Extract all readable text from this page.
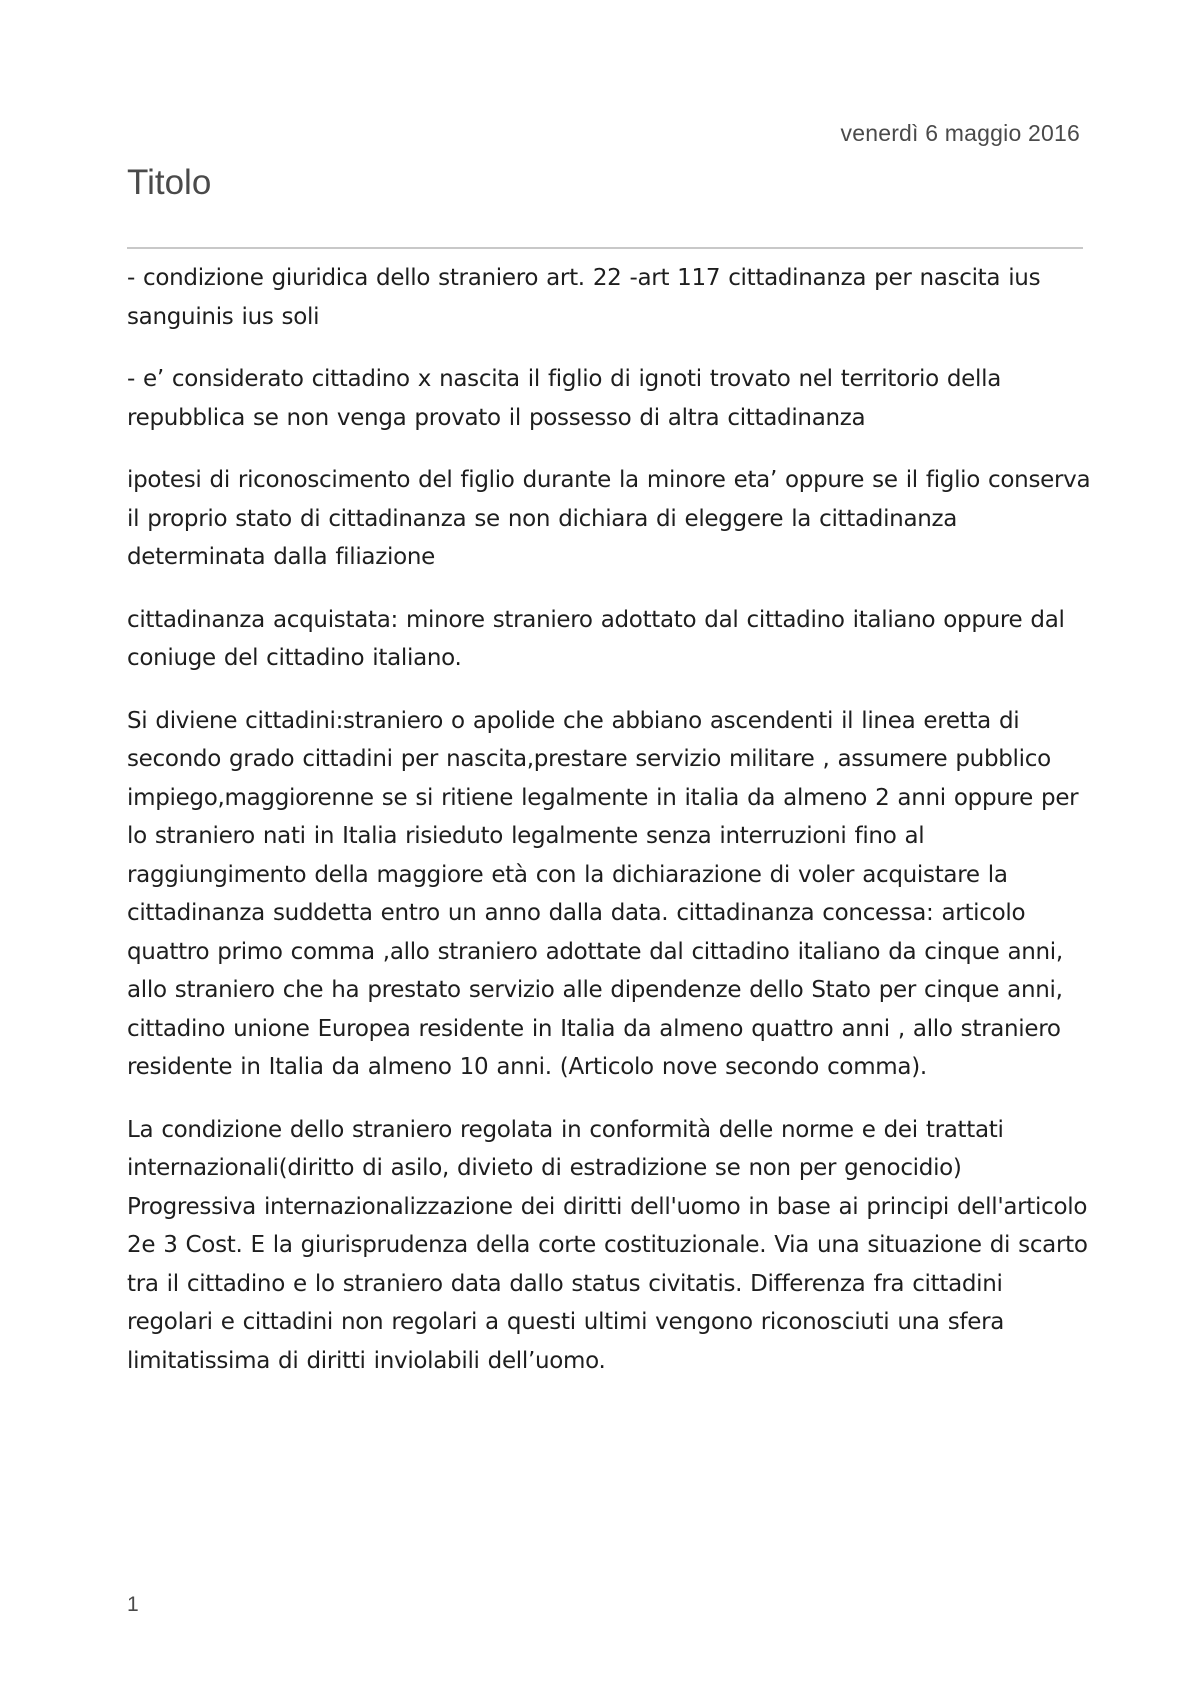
venerdì 6 maggio 2016
Titolo

- condizione giuridica dello straniero art. 22 -art 117 cittadinanza per nascita ius sanguinis ius soli

- e’ considerato cittadino x nascita il figlio di ignoti trovato nel territorio della repubblica se non venga provato il possesso di altra cittadinanza

ipotesi di riconoscimento del figlio durante la minore eta’ oppure se il figlio conserva il proprio stato di cittadinanza se non dichiara di eleggere la cittadinanza determinata dalla filiazione

cittadinanza acquistata: minore straniero adottato dal cittadino italiano oppure dal coniuge del cittadino italiano.

Si diviene cittadini:straniero o apolide che abbiano ascendenti il linea eretta di secondo grado cittadini per nascita,prestare servizio militare , assumere pubblico impiego,maggiorenne se si ritiene legalmente in italia da almeno 2 anni oppure per lo straniero nati in Italia risieduto legalmente senza interruzioni fino al raggiungimento della maggiore età con la dichiarazione di voler acquistare la cittadinanza suddetta entro un anno dalla data. cittadinanza concessa: articolo quattro primo comma ,allo straniero adottate dal cittadino italiano da cinque anni, allo straniero che ha prestato servizio alle dipendenze dello Stato per cinque anni, cittadino unione Europea residente in Italia da almeno quattro anni , allo straniero residente in Italia da almeno 10 anni. (Articolo nove secondo comma).

La condizione dello straniero regolata in conformità delle norme e dei trattati internazionali(diritto di asilo, divieto di estradizione se non per genocidio) Progressiva internazionalizzazione dei diritti dell'uomo in base ai principi dell'articolo 2e 3 Cost. E la giurisprudenza della corte costituzionale. Via una situazione di scarto tra il cittadino e lo straniero data dallo status civitatis. Differenza fra cittadini regolari e cittadini non regolari a questi ultimi vengono riconosciuti una sfera limitatissima di diritti inviolabili dell’uomo.

1
